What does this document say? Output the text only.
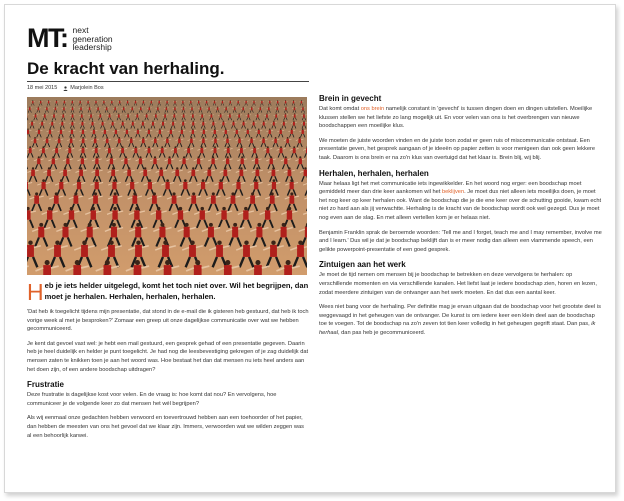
MT: next
generation
leadership
De kracht van herhaling.
18 mei 2015 Marjolein Bos
Heb je iets helder uitgelegd, komt het toch niet over. Wil het begrijpen, dan moet je herhalen. Herhalen, herhalen, herhalen.

'Dat heb ik toegelicht tijdens mijn presentatie, dat stond in de e-mail die ik gisteren heb gestuurd, dat heb ik toch vorige week al met je besproken?' Zomaar een greep uit onze dagelijkse communicatie over wat we hebben gecommuniceerd.

Je kent dat gevoel vast wel: je hebt een mail gestuurd, een gesprek gehad of een presentatie gegeven. Daarin heb je heel duidelijk en helder je punt toegelicht. Je had nog die leesbevestiging gekregen of je zag duidelijk dat mensen zaten te knikken toen je aan het woord was. Hoe bestaat het dan dat mensen nu iets heel anders aan het doen zijn, of een andere boodschap uitdragen?

Frustratie

Deze frustratie is dagelijkse kost voor velen. En de vraag is: hoe komt dat nou? En vervolgens, hoe communiceer je de volgende keer zo dat mensen het wél begrijpen?

Als wij eenmaal onze gedachten hebben verwoord en toevertrouwd hebben aan een toehoorder of het papier, dan hebben de meesten van ons het gevoel dat we klaar zijn. Immers, verwoorden wat we wilden zeggen was al een behoorlijk karwei.

Brein in gevecht

Dat komt omdat ons brein namelijk constant in 'gevecht' is tussen dingen doen en dingen uitstellen. Moeilijke klussen stellen we het liefste zo lang mogelijk uit. En voor velen van ons is het overbrengen van nieuwe boodschappen een moeilijke klus.

We moeten de juiste woorden vinden en de juiste toon zodat er geen ruis of miscommunicatie ontstaat. Een presentatie geven, het gesprek aangaan of je ideeën op papier zetten is voor menigeen dan ook geen lekkere taak. Daarom is ons brein er na zo'n klus van overtuigd dat het klaar is. Brein blij, wij blij.

Herhalen, herhalen, herhalen

Maar helaas ligt het met communicatie iets ingewikkelder. En het woord nog erger: een boodschap moet gemiddeld meer dan drie keer aankomen wil het beklijven. Je moet dus niet alleen iets moeilijks doen, je moet het nog keer op keer herhalen ook. Want de boodschap die je die ene keer over de schutting gooide, kwam echt niet zo hard aan als jij verwachtte. Herhaling is de kracht van de boodschap wordt ook wel gezegd. Dus je moet nog even aan de slag. En met alleen vertellen kom je er helaas niet.

Benjamin Franklin sprak de beroemde woorden: 'Tell me and I forget, teach me and I may remember, involve me and I learn.' Dus wil je dat je boodschap beklijft dan is er meer nodig dan alleen een vlammende speech, een gelikte powerpoint-presentatie of een goed gesprek.

Zintuigen aan het werk

Je moet de tijd nemen om mensen bij je boodschap te betrekken en deze vervolgens te herhalen: op verschillende momenten en via verschillende kanalen. Het liefst laat je iedere boodschap zien, horen en lezen, zodat meerdere zintuigen van de ontvanger aan het werk moeten. En dat dus een aantal keer.

Wees niet bang voor de herhaling. Per definitie mag je ervan uitgaan dat de boodschap voor het grootste deel is weggevaagd in het geheugen van de ontvanger. De kunst is om iedere keer een klein deel aan de boodschap toe te voegen. Tot de boodschap na zo'n zeven tot tien keer volledig in het geheugen gegrift staat. Dan pas, ik herhaal, dan pas heb je gecommuniceerd.
